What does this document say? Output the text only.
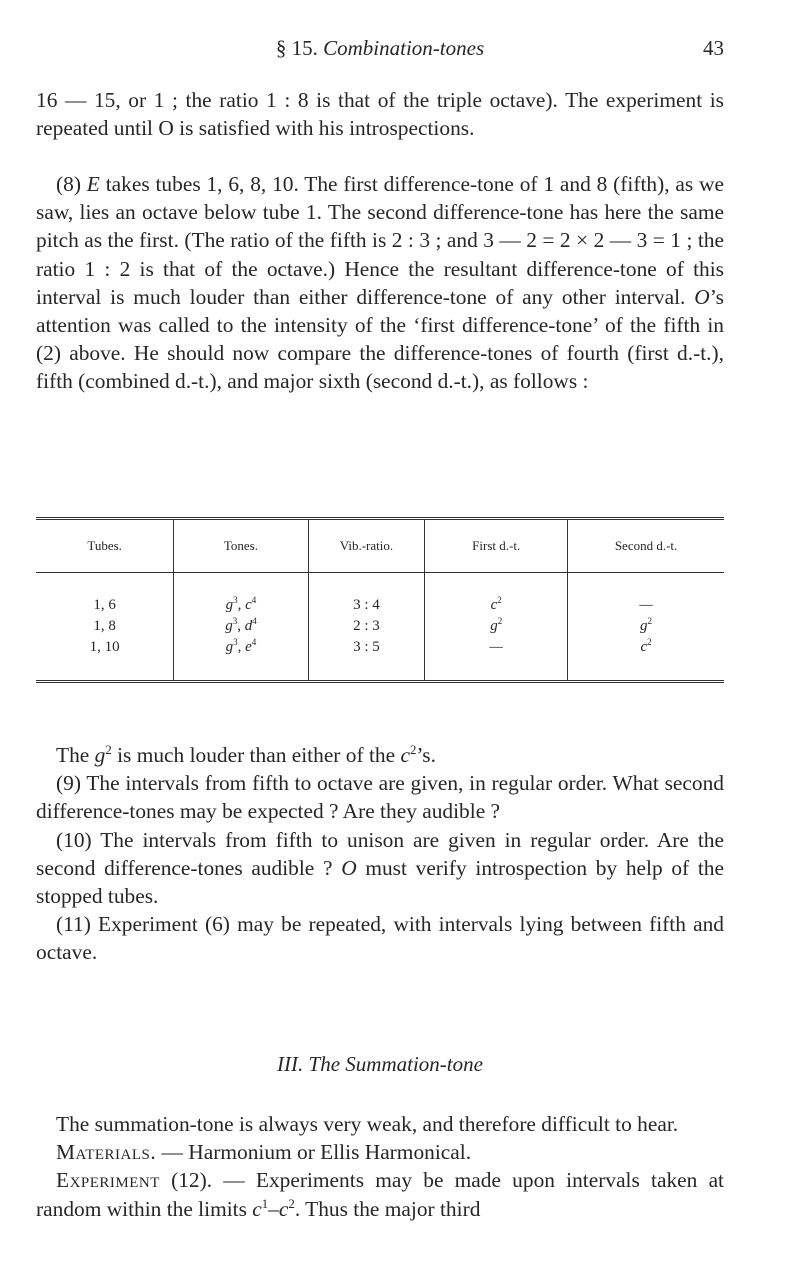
§ 15. Combination-tones	43

16 — 15, or 1 ; the ratio 1 : 8 is that of the triple octave). The experiment is repeated until O is satisfied with his introspections.

(8) E takes tubes 1, 6, 8, 10. The first difference-tone of 1 and 8 (fifth), as we saw, lies an octave below tube 1. The second difference-tone has here the same pitch as the first. (The ratio of the fifth is 2 : 3 ; and 3 — 2 = 2 × 2 — 3 = 1 ; the ratio 1 : 2 is that of the octave.) Hence the resultant difference-tone of this interval is much louder than either difference-tone of any other interval. O’s attention was called to the intensity of the ‘first difference-tone’ of the fifth in (2) above. He should now compare the difference-tones of fourth (first d.-t.), fifth (combined d.-t.), and major sixth (second d.-t.), as follows :

Tubes.	Tones.	Vib.-ratio.	First d.-t.	Second d.-t.
1, 6	$g^3$, $c^4$	3 : 4	$c^2$	—
1, 8	$g^3$, $d^4$	2 : 3	$g^2$	$g^2$
1, 10	$g^3$, $e^4$	3 : 5	—	$c^2$

The $g^2$ is much louder than either of the $c^2’s$.

(9) The intervals from fifth to octave are given, in regular order. What second difference-tones may be expected ? Are they audible ?

(10) The intervals from fifth to unison are given in regular order. Are the second difference-tones audible ? O must verify introspection by help of the stopped tubes.

(11) Experiment (6) may be repeated, with intervals lying between fifth and octave.

III. The Summation-tone

The summation-tone is always very weak, and therefore difficult to hear.

Materials. — Harmonium or Ellis Harmonical.

Experiment (12). — Experiments may be made upon intervals taken at random within the limits $c^1-c^2$. Thus the major third
